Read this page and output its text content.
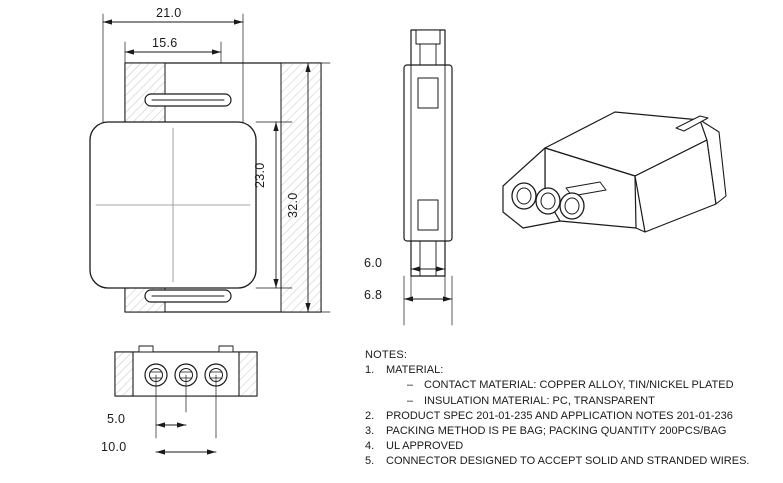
21.0
15.6
23.0
32.0
6.0
6.8
5.0
10.0
NOTES:
1. MATERIAL:
– CONTACT MATERIAL: COPPER ALLOY, TIN/NICKEL PLATED
– INSULATION MATERIAL: PC, TRANSPARENT
2. PRODUCT SPEC 201-01-235 AND APPLICATION NOTES 201-01-236
3. PACKING METHOD IS PE BAG; PACKING QUANTITY 200PCS/BAG
4. UL APPROVED
5. CONNECTOR DESIGNED TO ACCEPT SOLID AND STRANDED WIRES.
